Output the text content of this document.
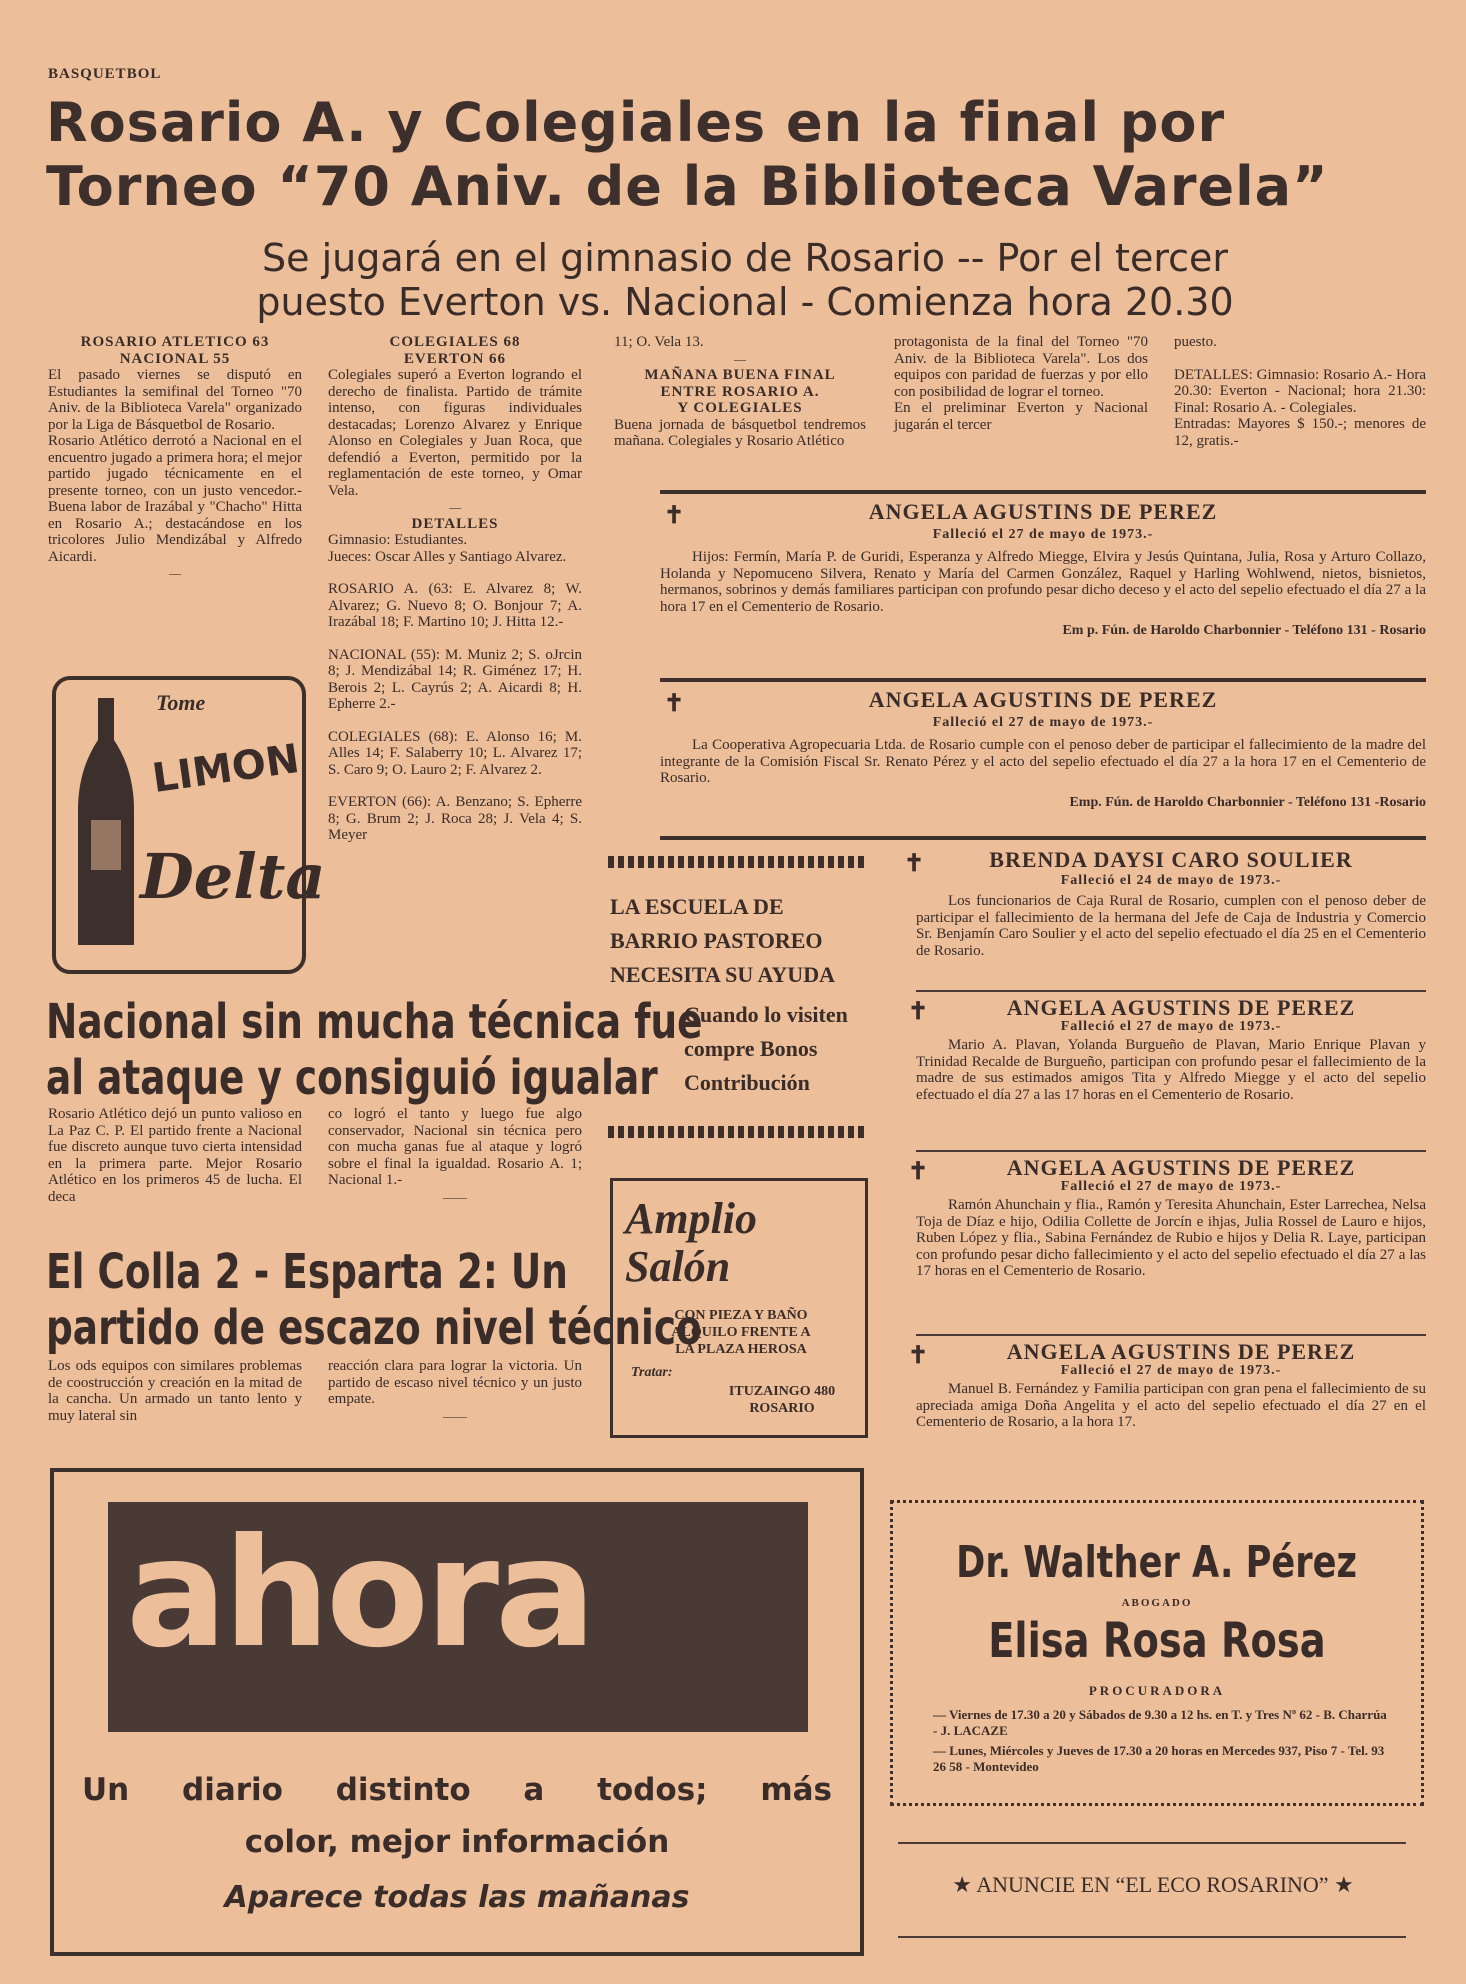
BASQUETBOL
Rosario A. y Colegiales en la final por
Torneo “70 Aniv. de la Biblioteca Varela”
Se jugará en el gimnasio de Rosario -- Por el tercer
puesto Everton vs. Nacional - Comienza hora 20.30

ROSARIO ATLETICO 63

NACIONAL 55

El pasado viernes se disputó en Estudiantes la semifinal del Torneo "70 Aniv. de la Biblioteca Varela" organizado por la Liga de Básquetbol de Rosario.

Rosario Atlético derrotó a Nacional en el encuentro jugado a primera hora; el mejor partido jugado técnicamente en el presente torneo, con un justo vencedor.- Buena labor de Irazábal y "Chacho" Hitta en Rosario A.; destacándose en los tricolores Julio Mendizábal y Alfredo Aicardi.

—

COLEGIALES 68

EVERTON 66

Colegiales superó a Everton logrando el derecho de finalista. Partido de trámite intenso, con figuras individuales destacadas; Lorenzo Alvarez y Enrique Alonso en Colegiales y Juan Roca, que defendió a Everton, permitido por la reglamentación de este torneo, y Omar Vela.

—

DETALLES

Gimnasio: Estudiantes.

Jueces: Oscar Alles y Santiago Alvarez.

ROSARIO A. (63: E. Alvarez 8; W. Alvarez; G. Nuevo 8; O. Bonjour 7; A. Irazábal 18; F. Martino 10; J. Hitta 12.-

NACIONAL (55): M. Muniz 2; S. oJrcin 8; J. Mendizábal 14; R. Giménez 17; H. Berois 2; L. Cayrús 2; A. Aicardi 8; H. Epherre 2.-

COLEGIALES (68): E. Alonso 16; M. Alles 14; F. Salaberry 10; L. Alvarez 17; S. Caro 9; O. Lauro 2; F. Alvarez 2.

EVERTON (66): A. Benzano; S. Epherre 8; G. Brum 2; J. Roca 28; J. Vela 4; S. Meyer

11; O. Vela 13.

—

MAÑANA BUENA FINAL

ENTRE ROSARIO A.

Y COLEGIALES

Buena jornada de básquetbol tendremos mañana. Colegiales y Rosario Atlético

protagonista de la final del Torneo "70 Aniv. de la Biblioteca Varela". Los dos equipos con paridad de fuerzas y por ello con posibilidad de lograr el torneo.

En el preliminar Everton y Nacional jugarán el tercer

puesto.

DETALLES: Gimnasio: Rosario A.- Hora 20.30: Everton - Nacional; hora 21.30: Final: Rosario A. - Colegiales.

Entradas: Mayores $ 150.-; menores de 12, gratis.-

Tome
LIMON
Delta
Nacional sin mucha técnica fue
al ataque y consiguió igualar
Rosario Atlético dejó un punto valioso en La Paz C. P. El partido frente a Nacional fue discreto aunque tuvo cierta intensidad en la primera parte. Mejor Rosario Atlético en los primeros 45 de lucha. El deca

co logró el tanto y luego fue algo conservador, Nacional sin técnica pero con mucha ganas fue al ataque y logró sobre el final la igualdad. Rosario A. 1; Nacional 1.-

——

El Colla 2 - Esparta 2: Un
partido de escazo nivel técnico
Los ods equipos con similares problemas de coostrucción y creación en la mitad de la cancha. Un armado un tanto lento y muy lateral sin

reacción clara para lograr la victoria. Un partido de escaso nivel técnico y un justo empate.

——

LA ESCUELA DE
BARRIO PASTOREO
NECESITA SU AYUDA
Cuando lo visiten
compre Bonos
Contribución
Amplio
Salón
CON PIEZA Y BAÑO
ALQUILO FRENTE A
LA PLAZA HEROSA
Tratar:
ITUZAINGO 480
ROSARIO
ahora
Un diario distinto a todos; más
color, mejor información
Aparece todas las mañanas
✝	ANGELA AGUSTINS DE PEREZ
Falleció el 27 de mayo de 1973.-
Hijos: Fermín, María P. de Guridi, Esperanza y Alfredo Miegge, Elvira y Jesús Quintana, Julia, Rosa y Arturo Collazo, Holanda y Nepomuceno Silvera, Renato y María del Carmen González, Raquel y Harling Wohlwend, nietos, bisnietos, hermanos, sobrinos y demás familiares participan con profundo pesar dicho deceso y el acto del sepelio efectuado el día 27 a la hora 17 en el Cementerio de Rosario.
Em p. Fún. de Haroldo Charbonnier - Teléfono 131 - Rosario
✝	ANGELA AGUSTINS DE PEREZ
Falleció el 27 de mayo de 1973.-
La Cooperativa Agropecuaria Ltda. de Rosario cumple con el penoso deber de participar el fallecimiento de la madre del integrante de la Comisión Fiscal Sr. Renato Pérez y el acto del sepelio efectuado el día 27 a la hora 17 en el Cementerio de Rosario.
Emp. Fún. de Haroldo Charbonnier - Teléfono 131 -Rosario
✝	BRENDA DAYSI CARO SOULIER
Falleció el 24 de mayo de 1973.-
Los funcionarios de Caja Rural de Rosario, cumplen con el penoso deber de participar el fallecimiento de la hermana del Jefe de Caja de Industria y Comercio Sr. Benjamín Caro Soulier y el acto del sepelio efectuado el día 25 en el Cementerio de Rosario.
✝	ANGELA AGUSTINS DE PEREZ
Falleció el 27 de mayo de 1973.-
Mario A. Plavan, Yolanda Burgueño de Plavan, Mario Enrique Plavan y Trinidad Recalde de Burgueño, participan con profundo pesar el fallecimiento de la madre de sus estimados amigos Tita y Alfredo Miegge y el acto del sepelio efectuado el día 27 a las 17 horas en el Cementerio de Rosario.
✝	ANGELA AGUSTINS DE PEREZ
Falleció el 27 de mayo de 1973.-
Ramón Ahunchain y flia., Ramón y Teresita Ahunchain, Ester Larrechea, Nelsa Toja de Díaz e hijo, Odilia Collette de Jorcín e ihjas, Julia Rossel de Lauro e hijos, Ruben López y flia., Sabina Fernández de Rubio e hijos y Delia R. Laye, participan con profundo pesar dicho fallecimiento y el acto del sepelio efectuado el día 27 a las 17 horas en el Cementerio de Rosario.
✝	ANGELA AGUSTINS DE PEREZ
Falleció el 27 de mayo de 1973.-
Manuel B. Fernández y Familia participan con gran pena el fallecimiento de su apreciada amiga Doña Angelita y el acto del sepelio efectuado el día 27 en el Cementerio de Rosario, a la hora 17.
Dr. Walther A. Pérez
ABOGADO
Elisa Rosa Rosa
PROCURADORA
— Viernes de 17.30 a 20 y Sábados de 9.30 a 12 hs. en T. y Tres Nº 62 - B. Charrúa - J. LACAZE
— Lunes, Miércoles y Jueves de 17.30 a 20 horas en Mercedes 937, Piso 7 - Tel. 93 26 58 - Montevideo
★ ANUNCIE EN “EL ECO ROSARINO” ★
